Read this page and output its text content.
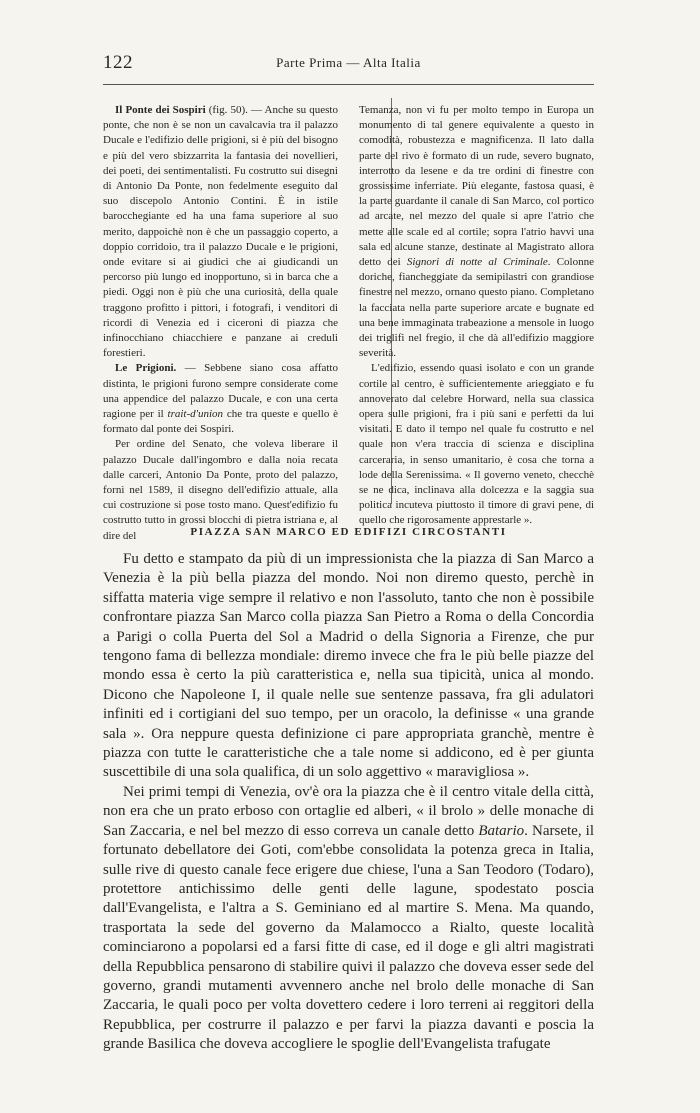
122	Parte Prima — Alta Italia

Il Ponte dei Sospiri (fig. 50). — Anche su questo ponte, che non è se non un cavalcavia tra il palazzo Ducale e l'edifizio delle prigioni, si è più del bisogno e più del vero sbizzarrita la fantasia dei novellieri, dei poeti, dei sentimentalisti. Fu costrutto sui disegni di Antonio Da Ponte, non fedelmente eseguito dal suo discepolo Antonio Contini. È in istile barocchegiante ed ha una fama superiore al suo merito, dappoichè non è che un passaggio coperto, a doppio corridoio, tra il palazzo Ducale e le prigioni, onde evitare si ai giudici che ai giudicandi un percorso più lungo ed inopportuno, sì in barca che a piedi. Oggi non è più che una curiosità, della quale traggono profitto i pittori, i fotografi, i venditori di ricordi di Venezia ed i ciceroni di piazza che infinocchiano chiacchiere e panzane ai creduli forestieri.

Le Prigioni. — Sebbene siano cosa affatto distinta, le prigioni furono sempre considerate come una appendice del palazzo Ducale, e con una certa ragione per il trait-d'union che tra queste e quello è formato dal ponte dei Sospiri.

Per ordine del Senato, che voleva liberare il palazzo Ducale dall'ingombro e dalla noia recata dalle carceri, Antonio Da Ponte, proto del palazzo, fornì nel 1589, il disegno dell'edifizio attuale, alla cui costruzione si pose tosto mano. Quest'edifizio fu costrutto tutto in grossi blocchi di pietra istriana e, al dire del

Temanza, non vi fu per molto tempo in Europa un monumento di tal genere equivalente a questo in comodità, robustezza e magnificenza. Il lato dalla parte del rivo è formato di un rude, severo bugnato, interrotto da lesene e da tre ordini di finestre con grossissime inferriate. Più elegante, fastosa quasi, è la parte guardante il canale di San Marco, col portico ad arcate, nel mezzo del quale si apre l'atrio che mette alle scale ed al cortile; sopra l'atrio havvi una sala ed alcune stanze, destinate al Magistrato allora detto dei Signori di notte al Criminale. Colonne doriche, fiancheggiate da semipilastri con grandiose finestre nel mezzo, ornano questo piano. Completano la facciata nella parte superiore arcate e bugnate ed una bene immaginata trabeazione a mensole in luogo dei triglifi nel fregio, il che dà all'edifizio maggiore severità.

L'edifizio, essendo quasi isolato e con un grande cortile al centro, è sufficientemente arieggiato e fu annoverato dal celebre Horward, nella sua classica opera sulle prigioni, fra i più sani e perfetti da lui visitati. E dato il tempo nel quale fu costrutto e nel quale non v'era traccia di scienza e disciplina carceraria, in senso umanitario, è cosa che torna a lode della Serenissima. « Il governo veneto, checchè se ne dica, inclinava alla dolcezza e la saggia sua politica incuteva piuttosto il timore di gravi pene, di quello che rigorosamente apprestarle ».

PIAZZA SAN MARCO ED EDIFIZI CIRCOSTANTI

Fu detto e stampato da più di un impressionista che la piazza di San Marco a Venezia è la più bella piazza del mondo. Noi non diremo questo, perchè in siffatta materia vige sempre il relativo e non l'assoluto, tanto che non è possibile confrontare piazza San Marco colla piazza San Pietro a Roma o della Concordia a Parigi o colla Puerta del Sol a Madrid o della Signoria a Firenze, che pur tengono fama di bellezza mondiale: diremo invece che fra le più belle piazze del mondo essa è certo la più caratteristica e, nella sua tipicità, unica al mondo. Dicono che Napoleone I, il quale nelle sue sentenze passava, fra gli adulatori infiniti ed i cortigiani del suo tempo, per un oracolo, la definisse « una grande sala ». Ora neppure questa definizione ci pare appropriata granchè, mentre è piazza con tutte le caratteristiche che a tale nome si addicono, ed è per giunta suscettibile di una sola qualifica, di un solo aggettivo « maravigliosa ».

Nei primi tempi di Venezia, ov'è ora la piazza che è il centro vitale della città, non era che un prato erboso con ortaglie ed alberi, « il brolo » delle monache di San Zaccaria, e nel bel mezzo di esso correva un canale detto Batario. Narsete, il fortunato debellatore dei Goti, com'ebbe consolidata la potenza greca in Italia, sulle rive di questo canale fece erigere due chiese, l'una a San Teodoro (Todaro), protettore antichissimo delle genti delle lagune, spodestato poscia dall'Evangelista, e l'altra a S. Geminiano ed al martire S. Mena. Ma quando, trasportata la sede del governo da Malamocco a Rialto, queste località cominciarono a popolarsi ed a farsi fitte di case, ed il doge e gli altri magistrati della Repubblica pensarono di stabilire quivi il palazzo che doveva esser sede del governo, grandi mutamenti avvennero anche nel brolo delle monache di San Zaccaria, le quali poco per volta dovettero cedere i loro terreni ai reggitori della Repubblica, per costrurre il palazzo e per farvi la piazza davanti e poscia la grande Basilica che doveva accogliere le spoglie dell'Evangelista trafugate
